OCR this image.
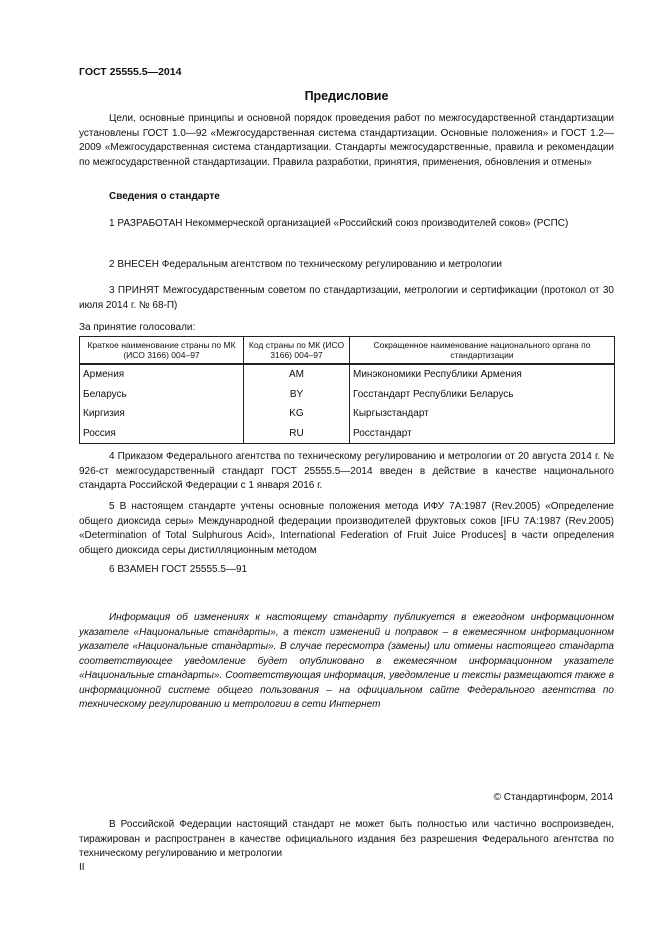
ГОСТ 25555.5—2014
Предисловие

Цели, основные принципы и основной порядок проведения работ по межгосударственной стандартизации установлены ГОСТ 1.0—92 «Межгосударственная система стандартизации. Основные положения» и ГОСТ 1.2—2009 «Межгосударственная система стандартизации. Стандарты межгосударственные, правила и рекомендации по межгосударственной стандартизации. Правила разработки, принятия, применения, обновления и отмены»

Сведения о стандарте

1 РАЗРАБОТАН Некоммерческой организацией «Российский союз производителей соков» (РСПС)

2 ВНЕСЕН Федеральным агентством по техническому регулированию и метрологии

3 ПРИНЯТ Межгосударственным советом по стандартизации, метрологии и сертификации (протокол от 30 июля 2014 г. № 68-П)

За принятие голосовали:
Краткое наименование страны по МК (ИСО 3166) 004–97	Код страны по МК (ИСО 3166) 004–97	Сокращенное наименование национального органа по стандартизации
Армения	AM	Минэкономики Республики Армения
Беларусь	BY	Госстандарт Республики Беларусь
Киргизия	KG	Кыргызстандарт
Россия	RU	Росстандарт

4 Приказом Федерального агентства по техническому регулированию и метрологии от 20 августа 2014 г. № 926-ст межгосударственный стандарт ГОСТ 25555.5—2014 введен в действие в качестве национального стандарта Российской Федерации с 1 января 2016 г.

5 В настоящем стандарте учтены основные положения метода ИФУ 7А:1987 (Rev.2005) «Определение общего диоксида серы» Международной федерации производителей фруктовых соков [IFU 7A:1987 (Rev.2005) «Determination of Total Sulphurous Acid», International Federation of Fruit Juice Produces] в части определения общего диоксида серы дистилляционным методом

6 ВЗАМЕН ГОСТ 25555.5—91

Информация об изменениях к настоящему стандарту публикуется в ежегодном информационном указателе «Национальные стандарты», а текст изменений и поправок – в ежемесячном информационном указателе «Национальные стандарты». В случае пересмотра (замены) или отмены настоящего стандарта соответствующее уведомление будет опубликовано в ежемесячном информационном указателе «Национальные стандарты». Соответствующая информация, уведомление и тексты размещаются также в информационной системе общего пользования – на официальном сайте Федерального агентства по техническому регулированию и метрологии в сети Интернет

© Стандартинформ, 2014

В Российской Федерации настоящий стандарт не может быть полностью или частично воспроизведен, тиражирован и распространен в качестве официального издания без разрешения Федерального агентства по техническому регулированию и метрологии

II
